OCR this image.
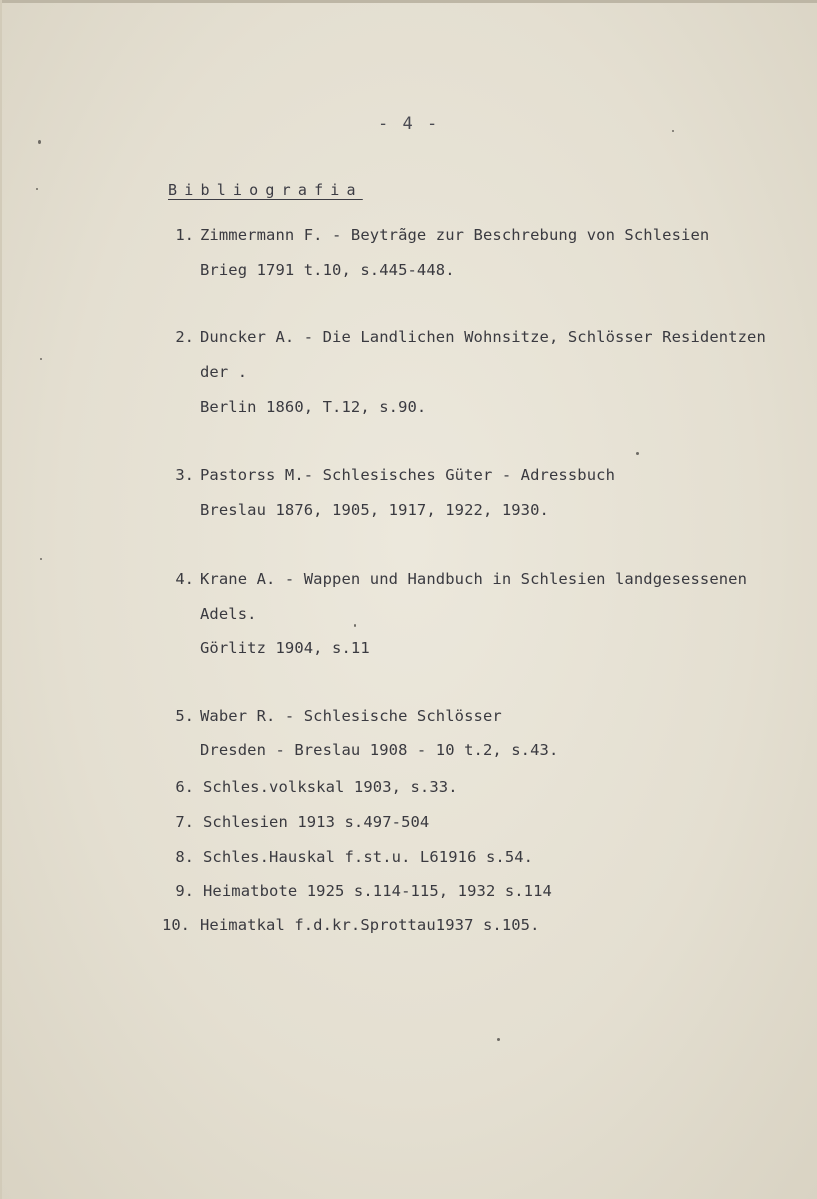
- 4 -
Bibliografia
1. Zimmermann F. - Beytrãge zur Beschrebung von Schlesien
Brieg 1791 t.10, s.445-448.
2. Duncker A. - Die Landlichen Wohnsitze, Schlösser Residentzen
der .
Berlin 1860, T.12, s.90.
3. Pastorss M.- Schlesisches Güter - Adressbuch
Breslau 1876, 1905, 1917, 1922, 1930.
4. Krane A. - Wappen und Handbuch in Schlesien landgesessenen
Adels.
Görlitz 1904, s.11
5. Waber R. - Schlesische Schlösser
Dresden - Breslau 1908 - 10 t.2, s.43.
6. Schles.volkskal 1903, s.33.
7. Schlesien 1913 s.497-504
8. Schles.Hauskal f.st.u. L61916 s.54.
9. Heimatbote 1925 s.114-115, 1932 s.114
10. Heimatkal f.d.kr.Sprottau1937 s.105.
